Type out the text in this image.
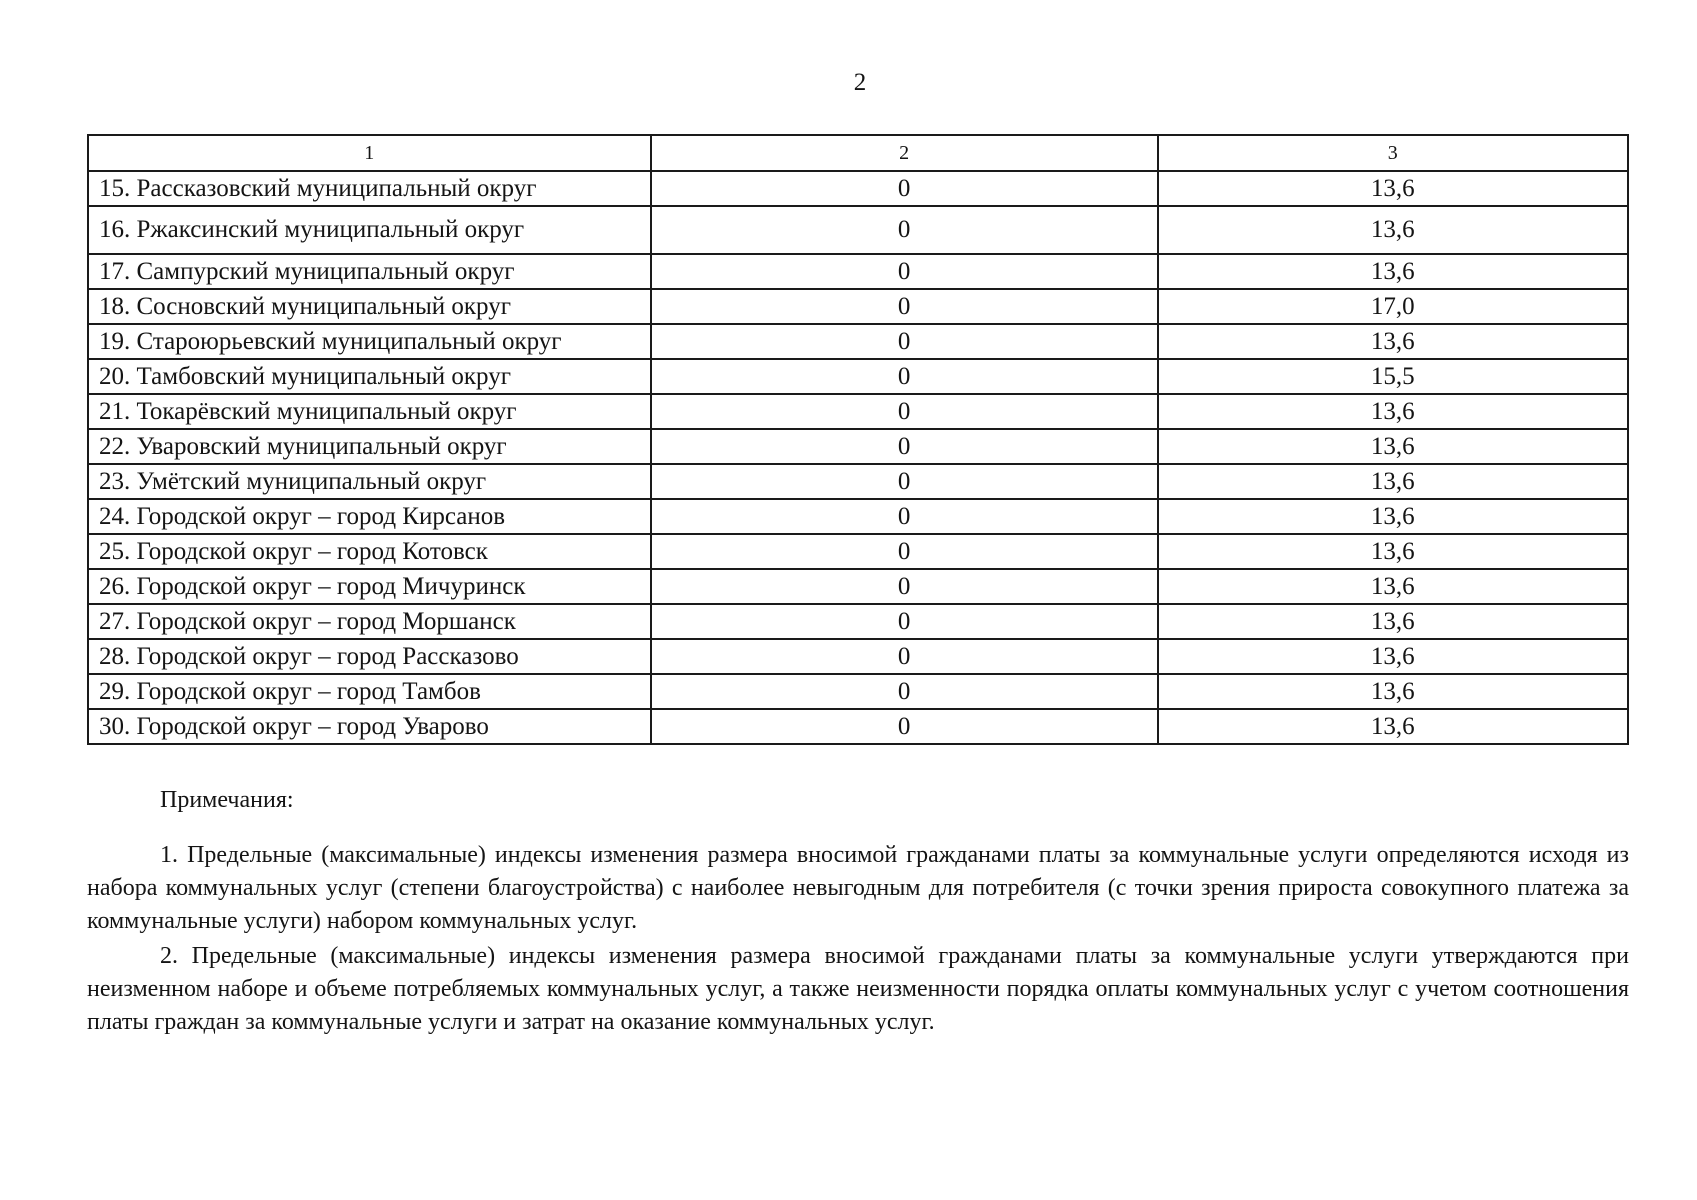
2
1	2	3
15. Рассказовский муниципальный округ	0	13,6
16. Ржаксинский муниципальный округ	0	13,6
17. Сампурский муниципальный округ	0	13,6
18. Сосновский муниципальный округ	0	17,0
19. Староюрьевский муниципальный округ	0	13,6
20. Тамбовский муниципальный округ	0	15,5
21. Токарёвский муниципальный округ	0	13,6
22. Уваровский муниципальный округ	0	13,6
23. Умётский муниципальный округ	0	13,6
24. Городской округ – город Кирсанов	0	13,6
25. Городской округ – город Котовск	0	13,6
26. Городской округ – город Мичуринск	0	13,6
27. Городской округ – город Моршанск	0	13,6
28. Городской округ – город Рассказово	0	13,6
29. Городской округ – город Тамбов	0	13,6
30. Городской округ – город Уварово	0	13,6
Примечания:

1. Предельные (максимальные) индексы изменения размера вносимой гражданами платы за коммунальные услуги определяются исходя из набора коммунальных услуг (степени благоустройства) с наиболее невыгодным для потребителя (с точки зрения прироста совокупного платежа за коммунальные услуги) набором коммунальных услуг.

2. Предельные (максимальные) индексы изменения размера вносимой гражданами платы за коммунальные услуги утверждаются при неизменном наборе и объеме потребляемых коммунальных услуг, а также неизменности порядка оплаты коммунальных услуг с учетом соотношения платы граждан за коммунальные услуги и затрат на оказание коммунальных услуг.
